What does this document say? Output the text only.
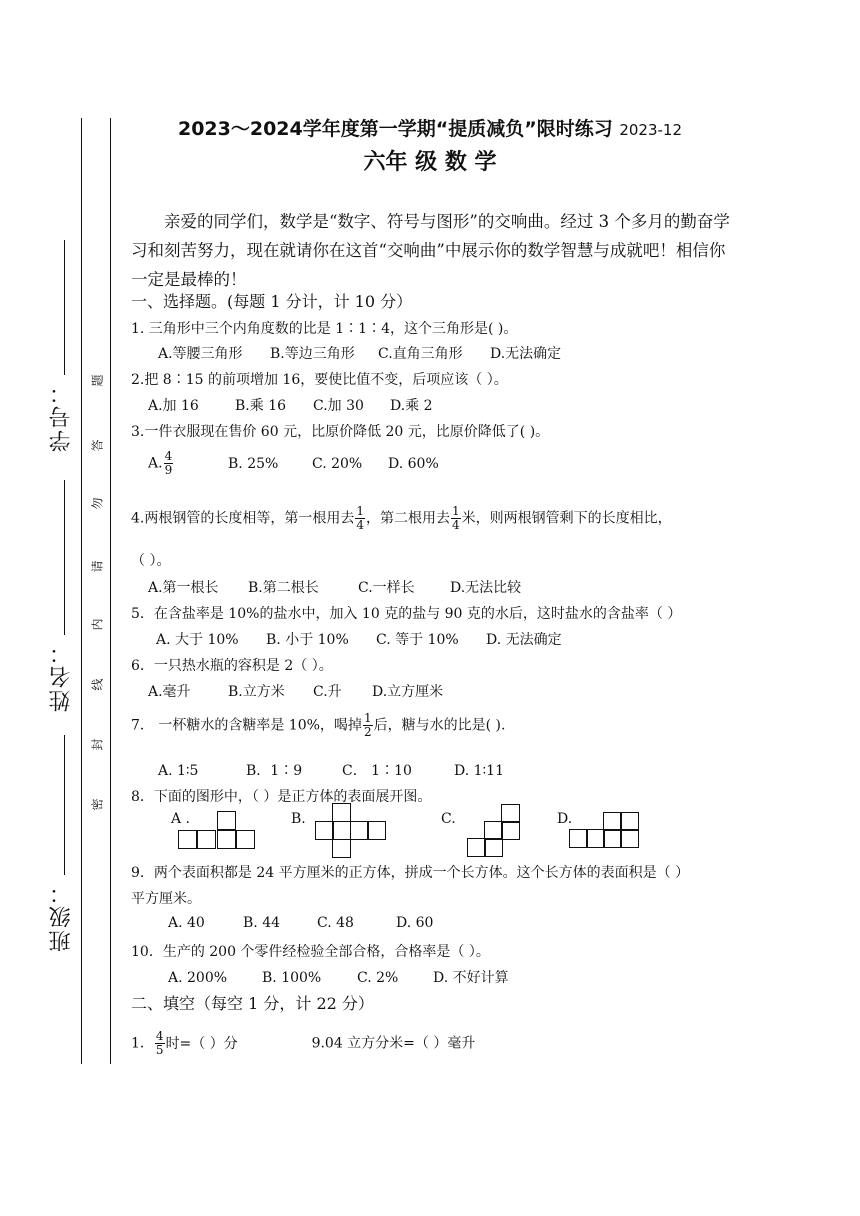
学号：
姓名：
班级：
题
答
勿
请
内
线
封
密
2023～2024学年度第一学期“提质减负”限时练习 2023-12
六年 级 数 学
亲爱的同学们，数学是“数字、符号与图形”的交响曲。经过 3 个多月的勤奋学习和刻苦努力，现在就请你在这首“交响曲”中展示你的数学智慧与成就吧！相信你一定是最棒的！
一、选择题。(每题 1 分计，计 10 分）
1. 三角形中三个内角度数的比是 1∶1∶4，这个三角形是( )。
A.等腰三角形 B.等边三角形 C.直角三角形 D.无法确定
2.把 8∶15 的前项增加 16，要使比值不变，后项应该（ ）。
A.加 16	B.乘 16 C.加 30 D.乘 2
3.一件衣服现在售价 60 元，比原价降低 20 元，比原价降低了( )。
A. $\frac{4}{9}$	B. 25% C. 20% D. 60%
4.两根钢管的长度相等，第一根用去 $\frac{1}{4}$ ，第二根用去 $\frac{1}{4}$ 米，则两根钢管剩下的长度相比，
（ ）。
A.第一根长 B.第二根长	C.一样长	D.无法比较
5．在含盐率是 10%的盐水中，加入 10 克的盐与 90 克的水后，这时盐水的含盐率（ ）
A. 大于 10% B. 小于 10% C. 等于 10% D. 无法确定
6．一只热水瓶的容积是 2（ ）。
A.毫升	B.立方米 C.升 D.立方厘米
7． 一杯糖水的含糖率是 10%，喝掉 $\frac{1}{2}$ 后，糖与水的比是( ).
A. 1∶5	B．1∶9	C． 1∶10	D. 1∶11
8．下面的图形中，（ ）是正方体的表面展开图。
A .	B.	C.	D.
9．两个表面积都是 24 平方厘米的正方体，拼成一个长方体。这个长方体的表面积是（ ）
平方厘米。
A. 40	B. 44	C. 48	D. 60
10．生产的 200 个零件经检验全部合格，合格率是（ ）。
A. 200% B. 100%	C. 2% D. 不好计算
二、填空（每空 1 分，计 22 分）
1． $\frac{4}{5}$ 时=（ ）分	9.04 立方分米=（ ）毫升
